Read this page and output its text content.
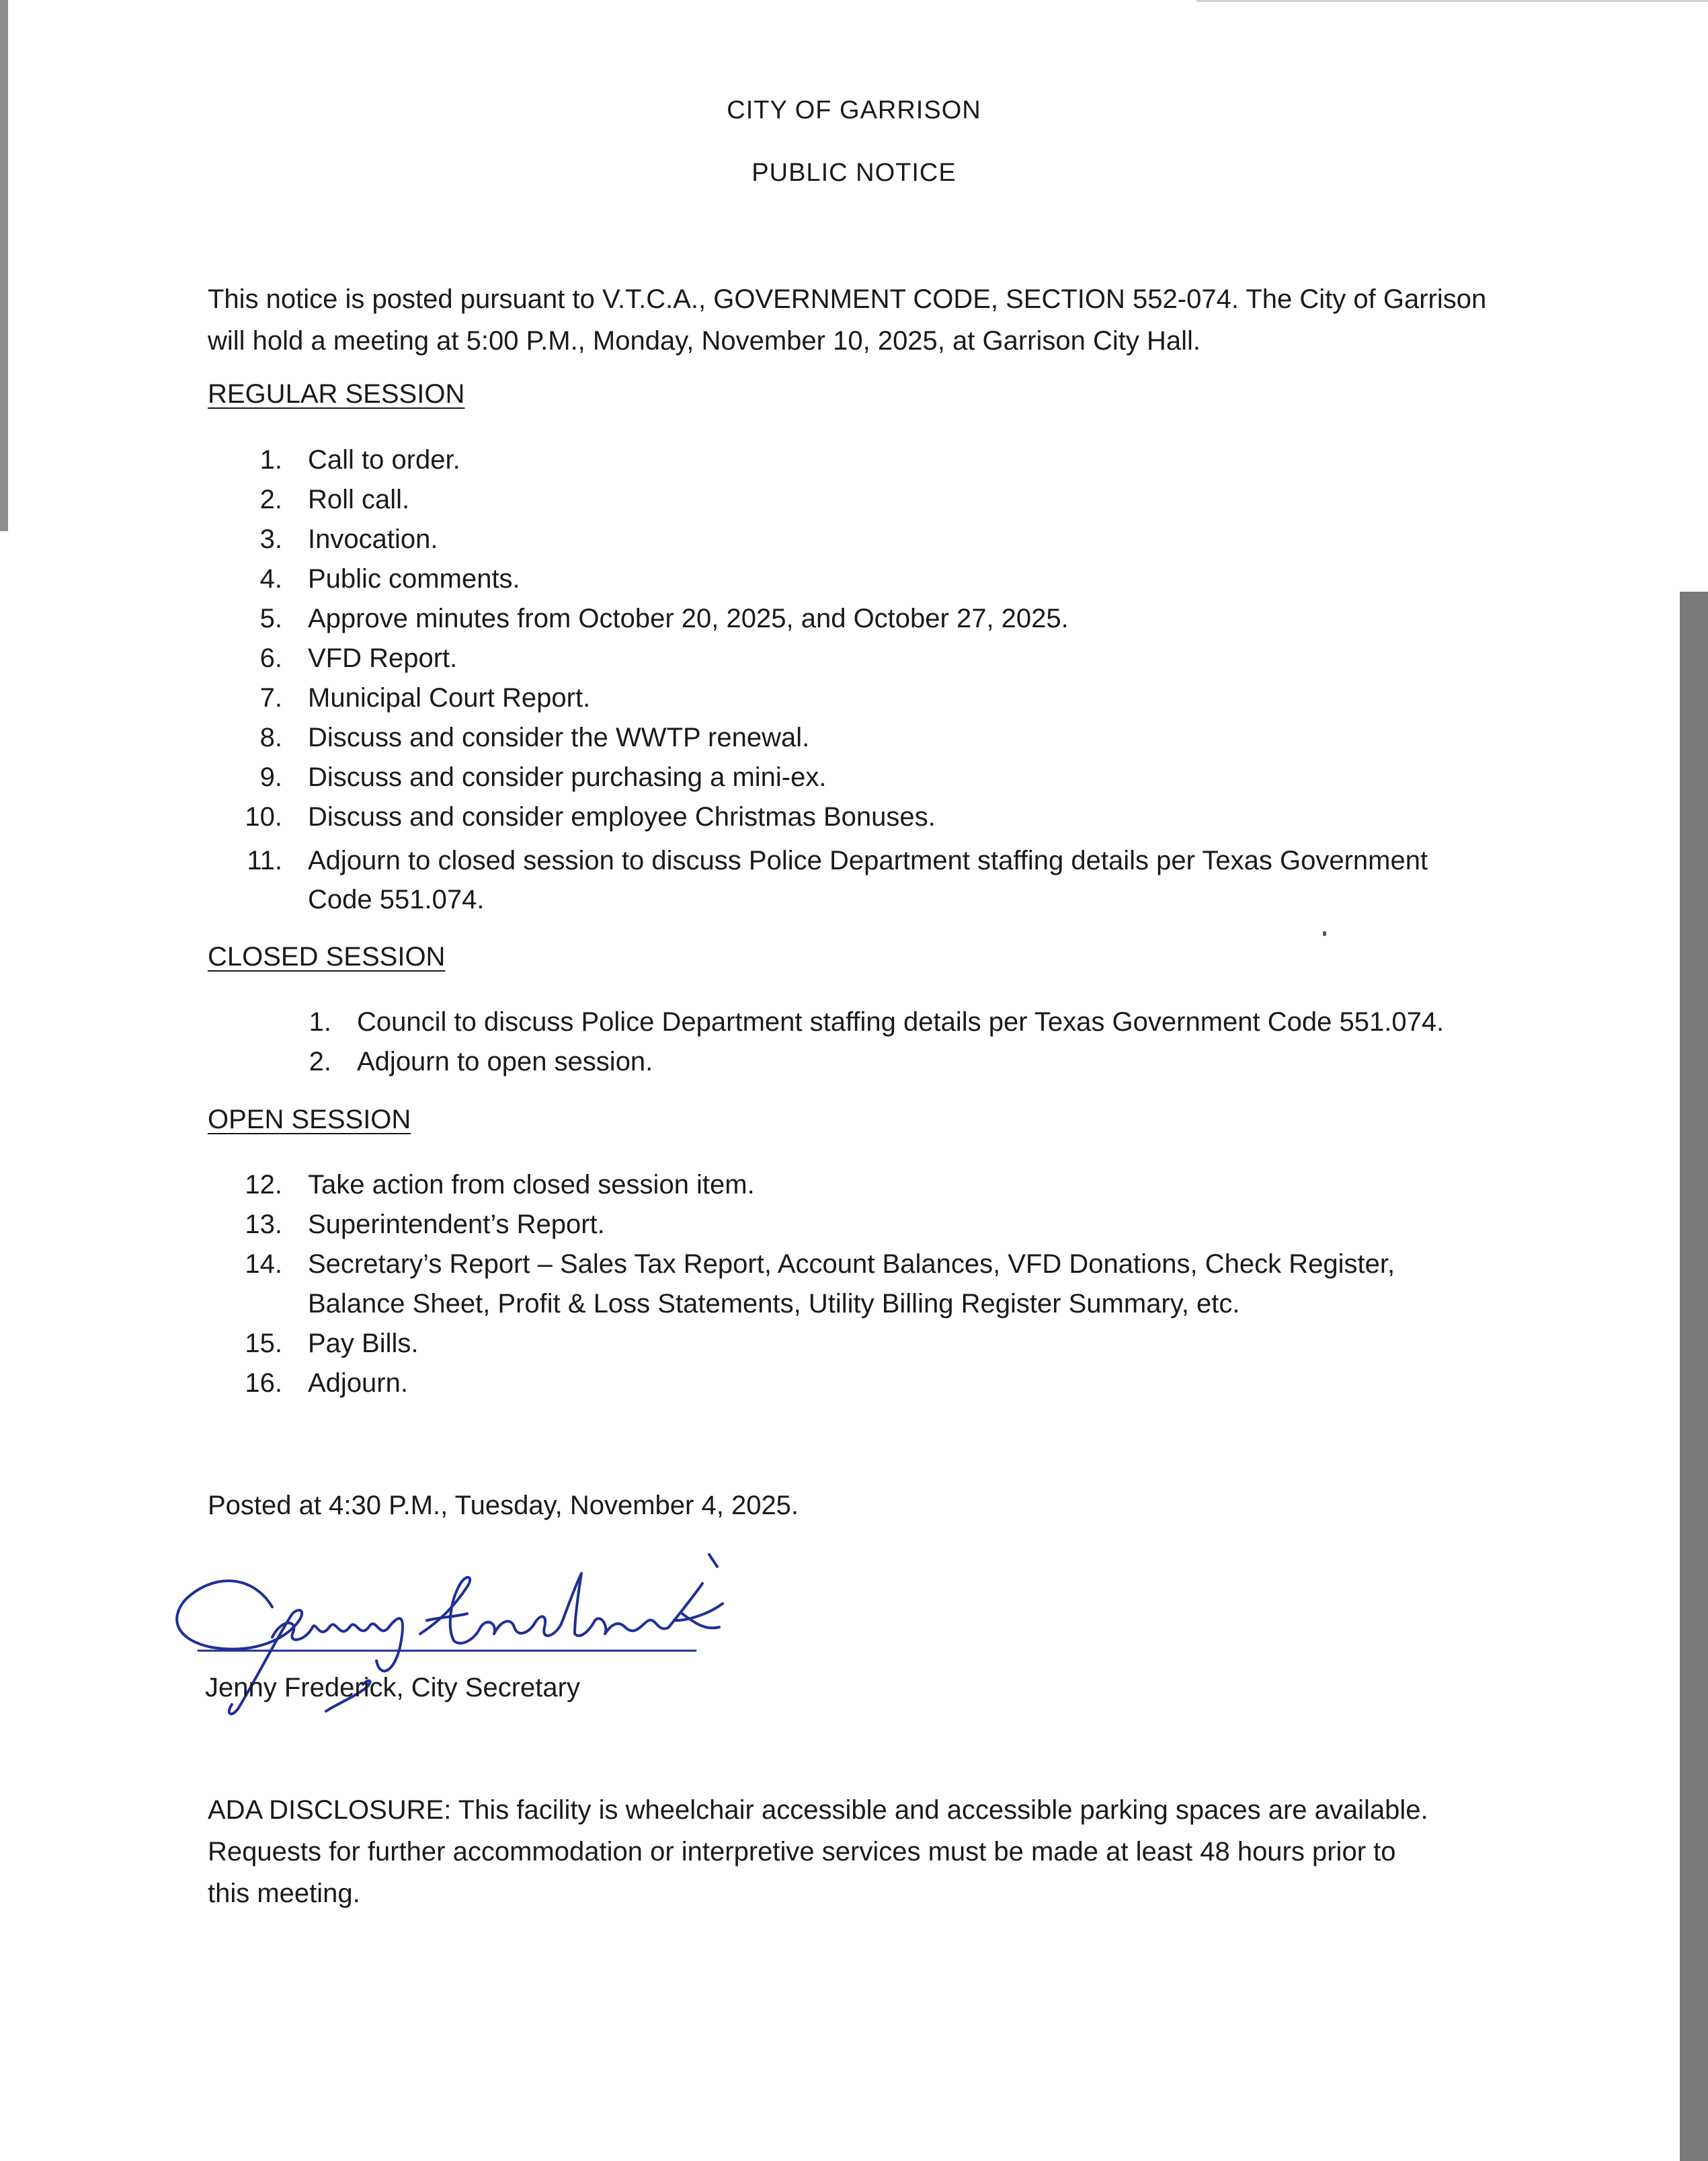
CITY OF GARRISON
PUBLIC NOTICE
This notice is posted pursuant to V.T.C.A., GOVERNMENT CODE, SECTION 552-074. The City of Garrison
will hold a meeting at 5:00 P.M., Monday, November 10, 2025, at Garrison City Hall.
REGULAR SESSION
1. Call to order.
2. Roll call.
3. Invocation.
4. Public comments.
5. Approve minutes from October 20, 2025, and October 27, 2025.
6. VFD Report.
7. Municipal Court Report.
8. Discuss and consider the WWTP renewal.
9. Discuss and consider purchasing a mini-ex.
10. Discuss and consider employee Christmas Bonuses.
11. Adjourn to closed session to discuss Police Department staffing details per Texas Government
Code 551.074.
CLOSED SESSION
1. Council to discuss Police Department staffing details per Texas Government Code 551.074.
2. Adjourn to open session.
OPEN SESSION
12. Take action from closed session item.
13. Superintendent’s Report.
14. Secretary’s Report – Sales Tax Report, Account Balances, VFD Donations, Check Register,
Balance Sheet, Profit & Loss Statements, Utility Billing Register Summary, etc.
15. Pay Bills.
16. Adjourn.
Posted at 4:30 P.M., Tuesday, November 4, 2025.
Jenny Frederick, City Secretary
ADA DISCLOSURE: This facility is wheelchair accessible and accessible parking spaces are available.
Requests for further accommodation or interpretive services must be made at least 48 hours prior to
this meeting.
